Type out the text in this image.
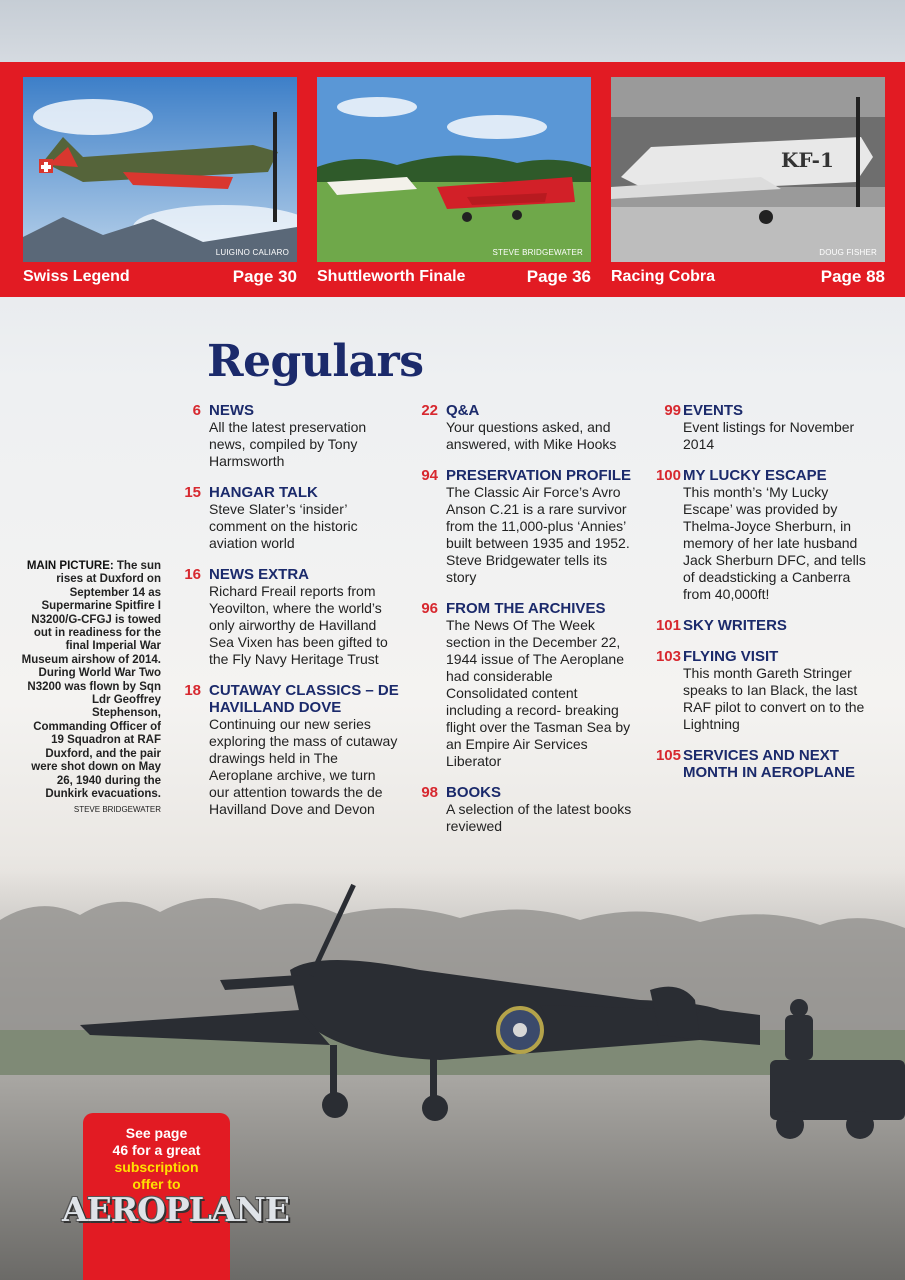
LUIGINO CALIARO	STEVE BRIDGEWATER
KF-1
DOUG FISHER
Swiss Legend	Page 30 Shuttleworth Finale	Page 36 Racing Cobra	Page 88
Regulars
6 NEWS
All the latest preservation news, compiled by Tony Harmsworth
15 HANGAR TALK
Steve Slater’s ‘insider’ comment on the historic aviation world
16 NEWS EXTRA
Richard Freail reports from Yeovilton, where the world’s only airworthy de Havilland Sea Vixen has been gifted to the Fly Navy Heritage Trust
18 CUTAWAY CLASSICS – DE HAVILLAND DOVE
Continuing our new series exploring the mass of cutaway drawings held in The Aeroplane archive, we turn our attention towards the de Havilland Dove and Devon
22 Q&A
Your questions asked, and answered, with Mike Hooks
94 PRESERVATION PROFILE
The Classic Air Force’s Avro Anson C.21 is a rare survivor from the 11,000-plus ‘Annies’ built between 1935 and 1952. Steve Bridgewater tells its story
96 FROM THE ARCHIVES
The News Of The Week section in the December 22, 1944 issue of The Aeroplane had considerable Consolidated content including a record- breaking flight over the Tasman Sea by an Empire Air Services Liberator
98 BOOKS
A selection of the latest books reviewed
99 EVENTS
Event listings for November 2014
100 MY LUCKY ESCAPE
This month’s ‘My Lucky Escape’ was provided by Thelma-Joyce Sherburn, in memory of her late husband Jack Sherburn DFC, and tells of deadsticking a Canberra from 40,000ft!
101 SKY WRITERS
103 FLYING VISIT
This month Gareth Stringer speaks to Ian Black, the last RAF pilot to convert on to the Lightning
105 SERVICES AND NEXT MONTH IN AEROPLANE
MAIN PICTURE: The sun rises at Duxford on September 14 as Supermarine Spitfire I N3200/G-CFGJ is towed out in readiness for the final Imperial War Museum airshow of 2014. During World War Two N3200 was flown by Sqn Ldr Geoffrey Stephenson, Commanding Officer of 19 Squadron at RAF Duxford, and the pair were shot down on May 26, 1940 during the Dunkirk evacuations.
STEVE BRIDGEWATER
See page
46 for a great
subscription
offer to
AEROPLANE
